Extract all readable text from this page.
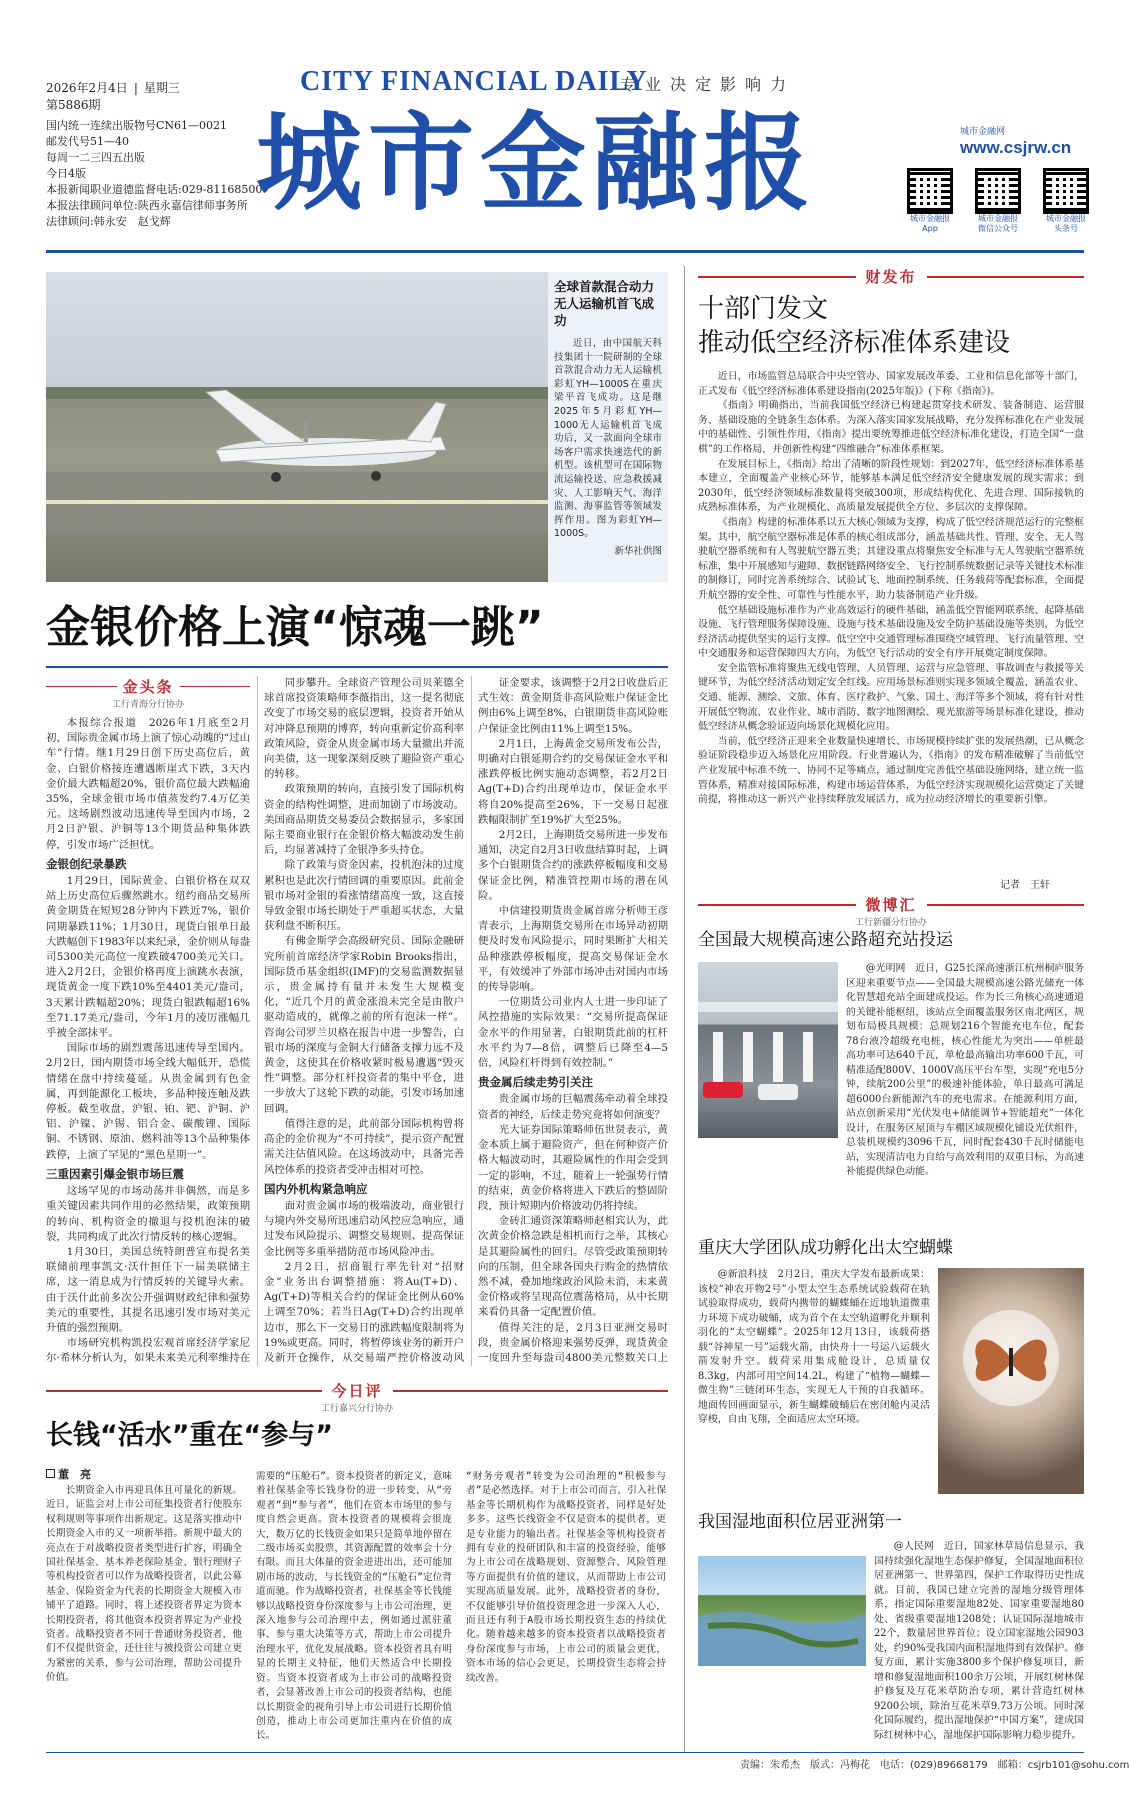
2026年2月4日 | 星期三
第5886期
国内统一连续出版物号CN61—0021
邮发代号51—40
每周一二三四五出版
今日4版
本报新闻职业道德监督电话:029-81168500
本报法律顾问单位:陕西永嘉信律师事务所
法律顾问:韩永安　赵戈辉
CITY FINANCIAL DAILY
专业决定影响力
城市金融报	城市金融网
www.csjrw.cn
城市金融报
App
城市金融报
微信公众号
城市金融报
头条号
全球首款混合动力
无人运输机首飞成功
近日，由中国航天科技集团十一院研制的全球首款混合动力无人运输机彩虹YH—1000S在重庆梁平首飞成功。这是继2025年5月彩虹YH—1000无人运输机首飞成功后，又一款面向全球市场客户需求快速迭代的新机型。该机型可在国际物流运输投送、应急救援减灾、人工影响天气、海洋监测、海事监管等领域发挥作用。图为彩虹YH—1000S。
新华社供图
金银价格上演“惊魂一跳”
金头条
工行青海分行协办

本报综合报道　2026年1月底至2月初，国际贵金属市场上演了惊心动魄的“过山车”行情。继1月29日创下历史高位后，黄金、白银价格接连遭遇断崖式下跌，3天内金价最大跌幅超20%，银价高位最大跌幅逾35%，全球金银市场市值蒸发约7.4万亿美元。这场剧烈波动迅速传导至国内市场，2月2日沪银、沪铜等13个期货品种集体跌停，引发市场广泛担忧。

金银创纪录暴跌

1月29日，国际黄金、白银价格在双双站上历史高位后骤然跳水。纽约商品交易所黄金期货在短短28分钟内下跌近7%，银价同期暴跌11%；1月30日，现货白银单日最大跌幅创下1983年以来纪录，金价则从每盎司5300美元高位一度跌破4700美元关口。进入2月2日，金银价格再度上演跳水表演，现货黄金一度下跌10%至4401美元/盎司，3天累计跌幅超20%；现货白银跌幅超16%至71.17美元/盎司，今年1月的凌厉涨幅几乎被全部抹平。

国际市场的剧烈震荡迅速传导至国内。2月2日，国内期货市场全线大幅低开，恐慌情绪在盘中持续蔓延。从贵金属到有色金属，再到能源化工板块，多品种接连触及跌停板。截至收盘，沪银、铂、钯、沪铜、沪铝、沪镍、沪锡、铝合金、碳酸锂、国际铜、不锈钢、原油、燃料油等13个品种集体跌停，上演了罕见的“黑色星期一”。

三重因素引爆金银市场巨震

这场罕见的市场动荡并非偶然，而是多重关键因素共同作用的必然结果，政策预期的转向、机构资金的撤退与投机泡沫的破裂，共同构成了此次行情反转的核心逻辑。

1月30日，美国总统特朗普宣布提名美联储前理事凯文·沃什担任下一届美联储主席，这一消息成为行情反转的关键导火索。由于沃什此前多次公开强调财政纪律和强势美元的重要性，其提名迅速引发市场对美元升值的强烈预期。

市场研究机构凯投宏观首席经济学家尼尔·希林分析认为，如果未来美元利率维持在

同步攀升。全球资产管理公司贝莱德全球首席投资策略师李薇指出，这一提名彻底改变了市场交易的底层逻辑，投资者开始从对冲降息预期的博弈，转向重新定价高利率政策风险，资金从贵金属市场大量撤出并流向美债，这一现象深刻反映了避险资产重心的转移。

政策预期的转向，直接引发了国际机构资金的结构性调整，进而加剧了市场波动。美国商品期货交易委员会数据显示，多家国际主要商业银行在金银价格大幅波动发生前后，均显著减持了金银净多头持仓。

除了政策与资金因素，投机泡沫的过度累积也是此次行情回调的重要原因。此前金银市场对金银的看涨情绪高度一致，这直接导致金银市场长期处于严重超买状态，大量获利盘不断积压。

有佛金斯学会高级研究员、国际金融研究所前首席经济学家Robin Brooks指出，国际货币基金组织(IMF)的交易监测数据显示，贵金属持有量并未发生大规模变化，“近几个月的黄金涨浪未完全是由散户驱动造成的，就像之前的所有泡沫一样”。咨询公司罗兰贝格在报告中进一步警告，白银市场的深度与金铜大行储备支撑力远不及黄金，这使其在价格收紧时极易遭遇“毁灭性”调整。部分杠杆投资者的集中平仓，进一步放大了这轮下跌的动能，引发市场加速回调。

值得注意的是，此前部分国际机构曾将高企的金价视为“不可持续”，提示资产配置需关注估值风险。在这场波动中，具备完善风控体系的投资者受冲击相对可控。

国内外机构紧急响应

面对贵金属市场的极端波动，商业银行与境内外交易所迅速启动风控应急响应，通过发布风险提示、调整交易规则、提高保证金比例等多重举措防范市场风险冲击。

2月2日，招商银行率先针对“招财金”业务出台调整措施：将Au(T+D)、Ag(T+D)等相关合约的保证金比例从60%上调至70%；若当日Ag(T+D)合约出现单边市，那么下一交易日的涨跌幅度限制将为19%或更高。同时，将暂停该业务的新开户及新开仓操作，从交易端严控价格波动风

证金要求，该调整于2月2日收盘后正式生效：黄金期货非高风险账户保证金比例由6%上调至8%，白银期货非高风险账户保证金比例由11%上调至15%。

2月1日，上海黄金交易所发布公告，明确对白银延期合约的交易保证金水平和涨跌停板比例实施动态调整，若2月2日Ag(T+D)合约出现单边市，保证金水平将自20%提高至26%，下一交易日起涨跌幅限制扩至19%扩大至25%。

2月2日，上海期货交易所进一步发布通知，决定自2月3日收盘结算时起，上调多个白银期货合约的涨跌停板幅度和交易保证金比例，精准管控期市场的潜在风险。

中信建投期货贵金属首席分析师王彦青表示，上海期货交易所在市场异动初期便及时发布风险提示，同时果断扩大相关品种涨跌停板幅度，提高交易保证金水平，有效缓冲了外部市场冲击对国内市场的传导影响。

一位期货公司业内人士进一步印证了风控措施的实际效果：“交易所提高保证金水平的作用显著，白银期货此前的杠杆水平约为7—8倍，调整后已降至4—5倍，风险杠杆得到有效控制。”

贵金属后续走势引关注

贵金属市场的巨幅震荡牵动着全球投资者的神经，后续走势究竟将如何演变？

光大证券国际策略师伍世贤表示，黄金本质上属于避险资产，但在何种资产价格大幅波动时，其避险属性的作用会受到一定的影响，不过，随着上一轮强势行情的结束，黄金价格将进入下跌后的整固阶段，预计短期内价格波动仍将持续。

金砖汇通资深策略师赵相宾认为，此次黄金价格急跌是相机而行之举，其核心是其避险属性的回归。尽管受政策预期转向的压制，但全球各国央行购金的热情依然不减，叠加地缘政治风险未消，未来黄金价格或将呈现高位震荡格局，从中长期来看仍具备一定配置价值。

值得关注的是，2月3日亚洲交易时段，贵金属价格迎来强势反弹，现货黄金一度回升至每盎司4800美元整数关口上

今日评
工行嘉兴分行协办
长钱“活水”重在“参与”
董　亮
　　长期资金入市再迎具体且可量化的新规。近日，证监会对上市公司征集投资者行使股东权利规则等事项作出新规定。这是落实推动中长期资金入市的又一项新举措。新规中最大的亮点在于对战略投资者类型进行扩容，明确全国社保基金、基本养老保险基金、银行理财子等机构投资者可以作为战略投资者，以此公募基金、保险资金为代表的长期资金大规模入市铺平了道路。同时，将上述投资者界定为资本长期投资者，将其他资本投资者界定为产业投资者。战略投资者不同于普通财务投资者，他们不仅提供资金，还往往与被投资公司建立更为紧密的关系，参与公司治理，帮助公司提升价值。
需要的“压舱石”。资本投资者的新定义，意味着社保基金等长钱身份的进一步转变，从“旁观者”到“参与者”，他们在资本市场里的参与度自然会更高。资本投资者的规模将会很庞大，数万亿的长钱资金如果只是简单地停留在二级市场买卖股票，其资源配置的效率会十分有限。而且大体量的资金进进出出，还可能加剧市场的波动，与长钱资金的“压舱石”定位背道而驰。作为战略投资者，社保基金等长钱能够以战略投资身份深度参与上市公司治理，更深入地参与公司治理中去，例如通过派驻董事、参与重大决策等方式，帮助上市公司提升治理水平，优化发展战略。资本投资者具有明显的长期主义特征，他们天然适合中长期投资。当资本投资者成为上市公司的战略投资者，会显著改善上市公司的投资者结构，也能以长期资金的视角引导上市公司进行长期价值创造，推动上市公司更加注重内在价值的成长。
“财务旁观者”转变为公司治理的“积极参与者”是必然选择。对于上市公司而言，引入社保基金等长期机构作为战略投资者，同样是好处多多。这些长线资金不仅是资本的提供者，更是专业能力的输出者。社保基金等机构投资者拥有专业的投研团队和丰富的投资经验，能够为上市公司在战略规划、资源整合、风险管理等方面提供有价值的建议，从而帮助上市公司实现高质量发展。此外，战略投资者的身份，不仅能够引导价值投资理念进一步深入人心，而且还有利于A股市场长期投资生态的持续优化。随着越来越多的资本投资者以战略投资者身份深度参与市场，上市公司的质量会更优，资本市场的信心会更足，长期投资生态将会持续改善。
财发布
十部门发文
推动低空经济标准体系建设

近日，市场监管总局联合中央空管办、国家发展改革委、工业和信息化部等十部门，正式发布《低空经济标准体系建设指南(2025年版)》(下称《指南》)。

《指南》明确指出，当前我国低空经济已构建起贯穿技术研发、装备制造、运营服务、基础设施的全链条生态体系。为深入落实国家发展战略，充分发挥标准化在产业发展中的基础性、引领性作用，《指南》提出要统筹推进低空经济标准化建设，打造全国“一盘棋”的工作格局，并创新性构建“四维融合”标准体系框架。

在发展目标上，《指南》给出了清晰的阶段性规划：到2027年，低空经济标准体系基本建立，全面覆盖产业核心环节，能够基本满足低空经济安全健康发展的现实需求；到2030年，低空经济领域标准数量将突破300项，形成结构优化、先进合理、国际接轨的成熟标准体系，为产业规模化、高质量发展提供全方位、多层次的支撑保障。

《指南》构建的标准体系以五大核心领域为支撑，构成了低空经济规范运行的完整框架。其中，航空航空器标准是体系的核心组成部分，涵盖基础共性、管理、安全、无人驾驶航空器系统和有人驾驶航空器五类；其建设重点将聚焦安全标准与无人驾驶航空器系统标准，集中开展感知与避障、数据链路网络安全、飞行控制系统数据记录等关键技术标准的制修订，同时完善系统综合、试验试飞、地面控制系统、任务载荷等配套标准，全面提升航空器的安全性、可靠性与性能水平，助力装备制造产业升级。

低空基础设施标准作为产业高效运行的硬件基础，涵盖低空智能网联系统、起降基础设施、飞行管理服务保障设施、设施与技术基础设施及安全防护基础设施等类别，为低空经济活动提供坚实的运行支撑。低空空中交通管理标准围绕空域管理、飞行流量管理、空中交通服务和运营保障四大方向，为低空飞行活动的安全有序开展奠定制度保障。

安全监管标准将聚焦无线电管理、人员管理、运营与应急管理、事故调查与救援等关键环节，为低空经济活动划定安全红线。应用场景标准则实现多领域全覆盖，涵盖农业、交通、能源、测绘、文旅、体育、医疗救护、气象、国土、海洋等多个领域，将有针对性开展低空物流、农业作业、城市消防、数字地图测绘、观光旅游等场景标准化建设，推动低空经济从概念验证迈向场景化规模化应用。

当前，低空经济正迎来全业数量快速增长、市场规模持续扩张的发展热潮，已从概念验证阶段稳步迈入场景化应用阶段。行业普遍认为，《指南》的发布精准破解了当前低空产业发展中标准不统一、协同不足等痛点，通过制度完善低空基础设施网络，建立统一监管体系，精准对接国际标准，构建市场运营体系，为低空经济实现规模化运营奠定了关键前提，将推动这一新兴产业持续释放发展活力，成为拉动经济增长的重要新引擎。

记者　王轩
微博汇
工行新疆分行协办
全国最大规模高速公路超充站投运

@光明网　近日，G25长深高速浙江杭州桐庐服务区迎来重要节点——全国最大规模高速公路光储充一体化智慧超充站全面建成投运。作为长三角核心高速通道的关键补能枢纽，该站点全面覆盖服务区南北两区，规划布局极具规模：总规划216个智能充电车位，配套78台液冷超级充电桩，核心性能尤为突出——单桩最高功率可达640千瓦，单枪最高输出功率600千瓦，可精准适配800V、1000V高压平台车型，实现“充电5分钟，续航200公里”的极速补能体验，单日最高可满足超6000台新能源汽车的充电需求。在能源利用方面，站点创新采用“光伏发电+储能调节+智能超充”一体化设计，在服务区屋顶与车棚区域规模化铺设光伏组件，总装机规模约3096千瓦，同时配套430千瓦时储能电站，实现清洁电力自给与高效利用的双重目标，为高速补能提供绿色动能。

重庆大学团队成功孵化出太空蝴蝶

@新浪科技　2月2日，重庆大学发布最新成果：该校“神农开物2号”小型太空生态系统试验载荷在轨试验取得成功，载荷内携带的蝴蝶蛹在近地轨道微重力环境下成功破蛹，成为首个在太空轨道孵化并顺利羽化的“太空蝴蝶”。2025年12月13日，该载荷搭载“谷神星一号”运载火箭，由快舟十一号运八运载火箭发射升空。载荷采用集成舱设计，总质量仅8.3kg，内部可用空间14.2L，构建了“植物—蝴蝶—微生物”三链闭环生态，实现无人干预的自我循环。地面传回画面显示，新生蝴蝶破蛹后在密闭舱内灵活穿梭，自由飞翔，全面适应太空环境。

我国湿地面积位居亚洲第一

@人民网　近日，国家林草局信息显示，我国持续强化湿地生态保护修复，全国湿地面积位居亚洲第一、世界第四，保护工作取得历史性成就。目前，我国已建立完善的湿地分级管理体系，指定国际重要湿地82处、国家重要湿地80处、省级重要湿地1208处；认证国际湿地城市22个，数量居世界首位；设立国家湿地公园903处，约90%受我国内面积湿地得到有效保护。修复方面，累计实施3800多个保护修复项目，新增和修复湿地面积100余万公顷，开展红树林保护修复及互花米草防治专项，累计营造红树林9200公顷，除治互花米草9.73万公顷。同时深化国际履约，提出湿地保护“中国方案”，建成国际红树林中心，湿地保护国际影响力稳步提升。

责编：朱希杰 版式：冯梅花 电话：(029)89668179 邮箱：csjrb101@sohu.com
